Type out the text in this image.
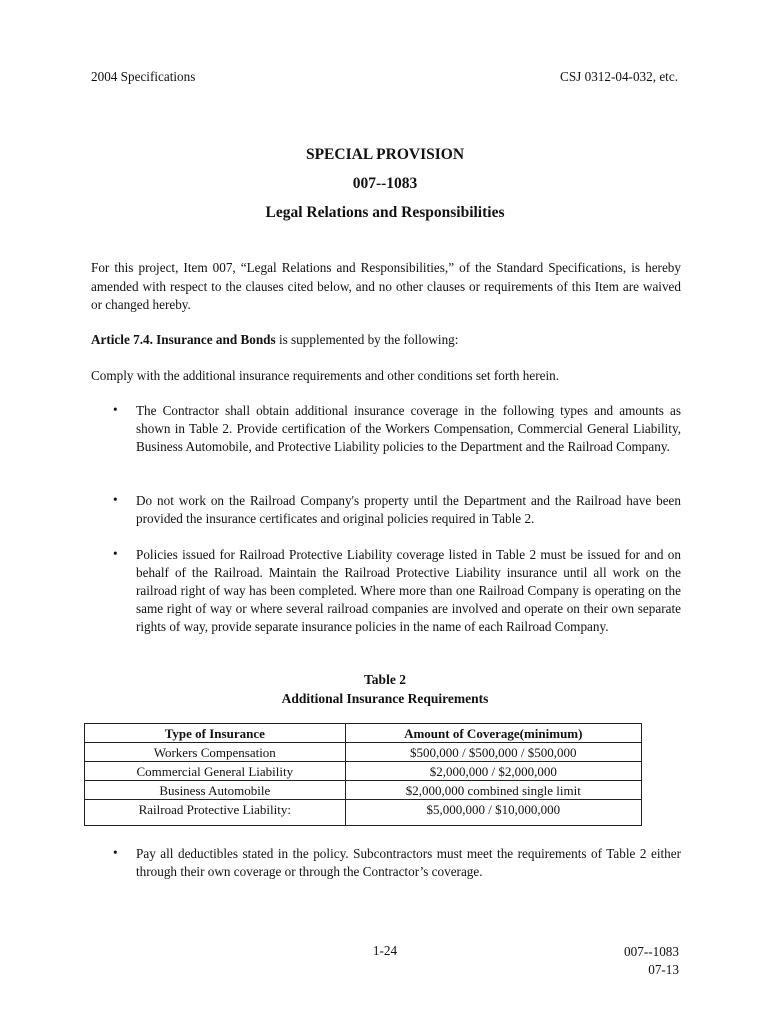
2004 Specifications	CSJ 0312-04-032, etc.
SPECIAL PROVISION
007--1083
Legal Relations and Responsibilities
For this project, Item 007, “Legal Relations and Responsibilities,” of the Standard Specifications, is hereby amended with respect to the clauses cited below, and no other clauses or requirements of this Item are waived or changed hereby.
Article 7.4. Insurance and Bonds is supplemented by the following:
Comply with the additional insurance requirements and other conditions set forth herein.
• The Contractor shall obtain additional insurance coverage in the following types and amounts as shown in Table 2. Provide certification of the Workers Compensation, Commercial General Liability, Business Automobile, and Protective Liability policies to the Department and the Railroad Company.
• Do not work on the Railroad Company's property until the Department and the Railroad have been provided the insurance certificates and original policies required in Table 2.
• Policies issued for Railroad Protective Liability coverage listed in Table 2 must be issued for and on behalf of the Railroad. Maintain the Railroad Protective Liability insurance until all work on the railroad right of way has been completed. Where more than one Railroad Company is operating on the same right of way or where several railroad companies are involved and operate on their own separate rights of way, provide separate insurance policies in the name of each Railroad Company.
Table 2
Additional Insurance Requirements
Type of Insurance	Amount of Coverage(minimum)
Workers Compensation	$500,000 / $500,000 / $500,000
Commercial General Liability	$2,000,000 / $2,000,000
Business Automobile	$2,000,000 combined single limit
Railroad Protective Liability:	$5,000,000 / $10,000,000
• Pay all deductibles stated in the policy. Subcontractors must meet the requirements of Table 2 either through their own coverage or through the Contractor’s coverage.
1-24	007--1083
07-13
